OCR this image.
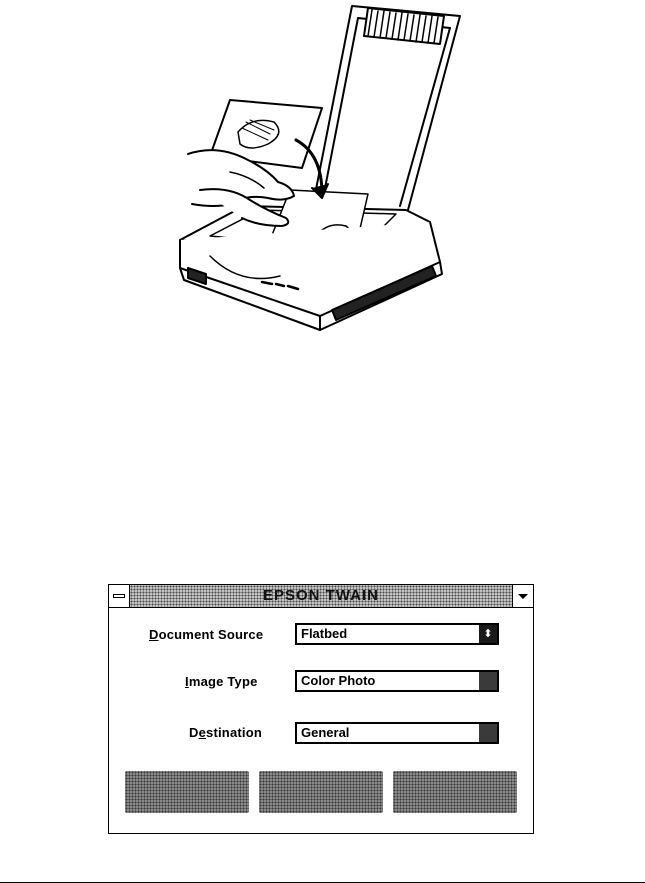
EPSON TWAIN
Document Source	Flatbed	⬍
Image Type	Color Photo
Destination	General
